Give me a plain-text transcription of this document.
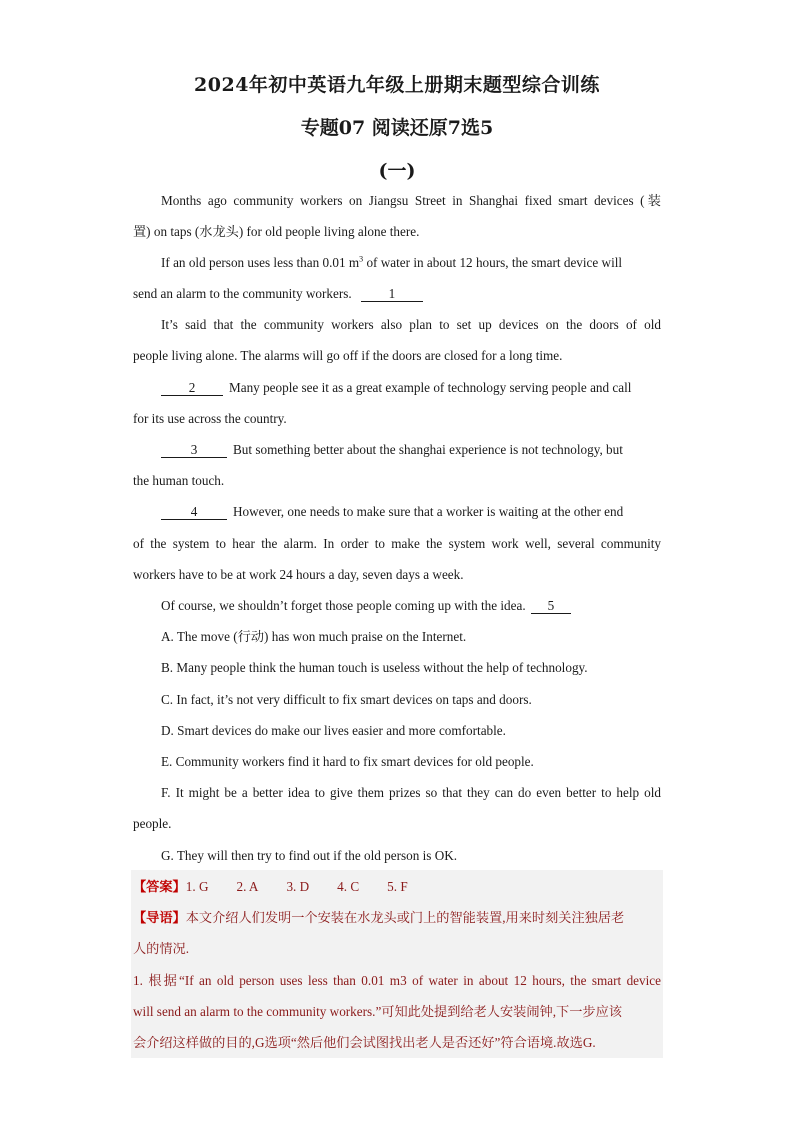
2024年初中英语九年级上册期末题型综合训练
专题07 阅读还原7选5
(一)
Months ago community workers on Jiangsu Street in Shanghai fixed smart devices (装
置) on taps (水龙头) for old people living alone there.
If an old person uses less than 0.01 $m^3$ of water in about 12 hours, the smart device will
send an alarm to the community workers.	1
It’s said that the community workers also plan to set up devices on the doors of old
people living alone. The alarms will go off if the doors are closed for a long time.
2	Many people see it as a great example of technology serving people and call
for its use across the country.
3	But something better about the shanghai experience is not technology, but
the human touch.
4	However, one needs to make sure that a worker is waiting at the other end
of the system to hear the alarm. In order to make the system work well, several community
workers have to be at work 24 hours a day, seven days a week.
Of course, we shouldn’t forget those people coming up with the idea. 5
A. The move (行动) has won much praise on the Internet.
B. Many people think the human touch is useless without the help of technology.
C. In fact, it’s not very difficult to fix smart devices on taps and doors.
D. Smart devices do make our lives easier and more comfortable.
E. Community workers find it hard to fix smart devices for old people.
F. It might be a better idea to give them prizes so that they can do even better to help old
people.
G. They will then try to find out if the old person is OK.
【答案】1. G 2. A 3. D 4. C 5. F
【导语】本文介绍人们发明一个安装在水龙头或门上的智能装置,用来时刻关注独居老
人的情况.
1. 根据“If an old person uses less than 0.01 m3 of water in about 12 hours, the smart device
will send an alarm to the community workers.”可知此处提到给老人安装闹钟,下一步应该
会介绍这样做的目的,G选项“然后他们会试图找出老人是否还好”符合语境.故选G.
